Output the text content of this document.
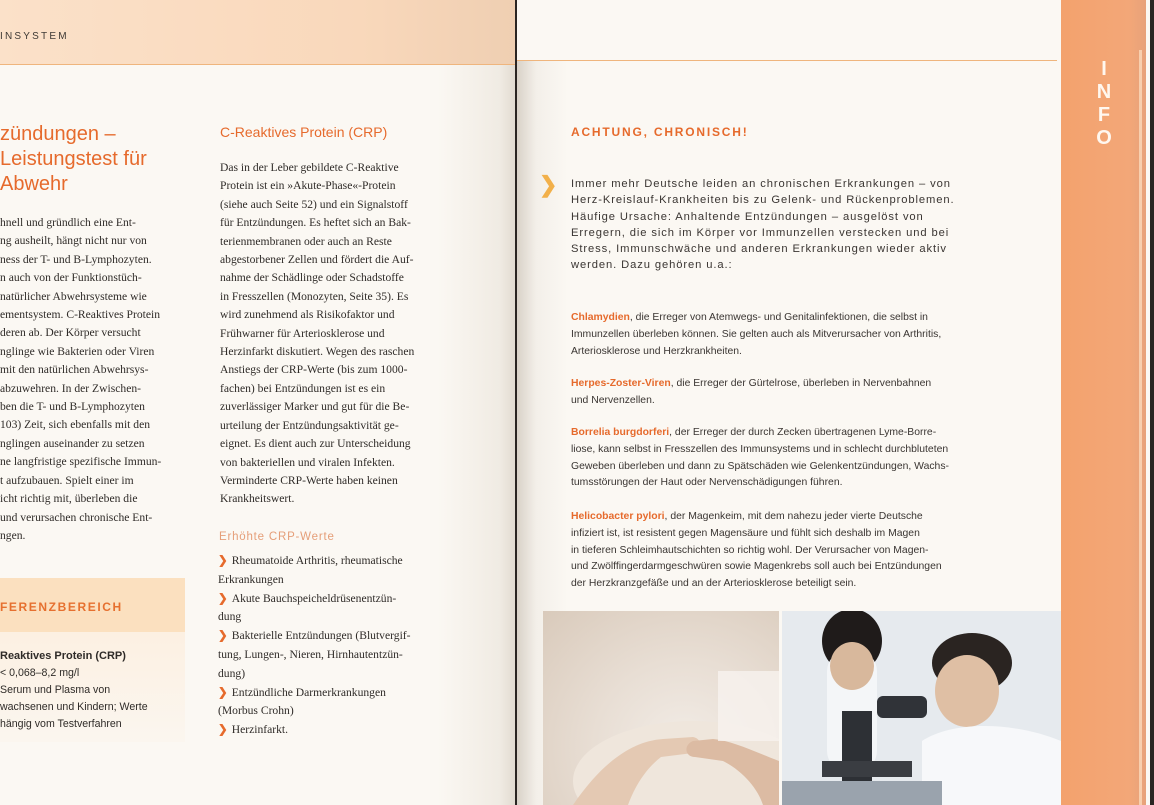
INSYSTEM
zündungen –
Leistungstest für
Abwehr

hnell und gründlich eine Ent-

ng ausheilt, hängt nicht nur von

ness der T- und B-Lymphozyten.

n auch von der Funktionstüch-

natürlicher Abwehrsysteme wie

ementsystem. C-Reaktives Protein

deren ab. Der Körper versucht

nglinge wie Bakterien oder Viren

mit den natürlichen Abwehrsys-

abzuwehren. In der Zwischen-

ben die T- und B-Lymphozyten

103) Zeit, sich ebenfalls mit den

nglingen auseinander zu setzen

ne langfristige spezifische Immun-

t aufzubauen. Spielt einer im

icht richtig mit, überleben die

und verursachen chronische Ent-

ngen.

C-Reaktives Protein (CRP)

Das in der Leber gebildete C-Reaktive

Protein ist ein »Akute-Phase«-Protein

(siehe auch Seite 52) und ein Signalstoff

für Entzündungen. Es heftet sich an Bak-

terienmembranen oder auch an Reste

abgestorbener Zellen und fördert die Auf-

nahme der Schädlinge oder Schadstoffe

in Fresszellen (Monozyten, Seite 35). Es

wird zunehmend als Risikofaktor und

Frühwarner für Arteriosklerose und

Herzinfarkt diskutiert. Wegen des raschen

Anstiegs der CRP-Werte (bis zum 1000-

fachen) bei Entzündungen ist es ein

zuverlässiger Marker und gut für die Be-

urteilung der Entzündungsaktivität ge-

eignet. Es dient auch zur Unterscheidung

von bakteriellen und viralen Infekten.

Verminderte CRP-Werte haben keinen

Krankheitswert.

Erhöhte CRP-Werte

❯ Rheumatoide Arthritis, rheumatische

Erkrankungen

❯ Akute Bauchspeicheldrüsenentzün-

dung

❯ Bakterielle Entzündungen (Blutvergif-

tung, Lungen-, Nieren, Hirnhautentzün-

dung)

❯ Entzündliche Darmerkrankungen

(Morbus Crohn)

❯ Herzinfarkt.

FERENZBEREICH

Reaktives Protein (CRP)

< 0,068–8,2 mg/l

Serum und Plasma von

wachsenen und Kindern; Werte

hängig vom Testverfahren

I
N
F
O
ACHTUNG, CHRONISCH!
❯ Immer mehr Deutsche leiden an chronischen Erkrankungen – von

Herz-Kreislauf-Krankheiten bis zu Gelenk- und Rückenproblemen.

Häufige Ursache: Anhaltende Entzündungen – ausgelöst von

Erregern, die sich im Körper vor Immunzellen verstecken und bei

Stress, Immunschwäche und anderen Erkrankungen wieder aktiv

werden. Dazu gehören u.a.:

Chlamydien, die Erreger von Atemwegs- und Genitalinfektionen, die selbst in

Immunzellen überleben können. Sie gelten auch als Mitverursacher von Arthritis,

Arteriosklerose und Herzkrankheiten.

Herpes-Zoster-Viren, die Erreger der Gürtelrose, überleben in Nervenbahnen

und Nervenzellen.

Borrelia burgdorferi, der Erreger der durch Zecken übertragenen Lyme-Borre-

liose, kann selbst in Fresszellen des Immunsystems und in schlecht durchbluteten

Geweben überleben und dann zu Spätschäden wie Gelenkentzündungen, Wachs-

tumsstörungen der Haut oder Nervenschädigungen führen.

Helicobacter pylori, der Magenkeim, mit dem nahezu jeder vierte Deutsche

infiziert ist, ist resistent gegen Magensäure und fühlt sich deshalb im Magen

in tieferen Schleimhautschichten so richtig wohl. Der Verursacher von Magen-

und Zwölffingerdarmgeschwüren sowie Magenkrebs soll auch bei Entzündungen

der Herzkranzgefäße und an der Arteriosklerose beteiligt sein.
